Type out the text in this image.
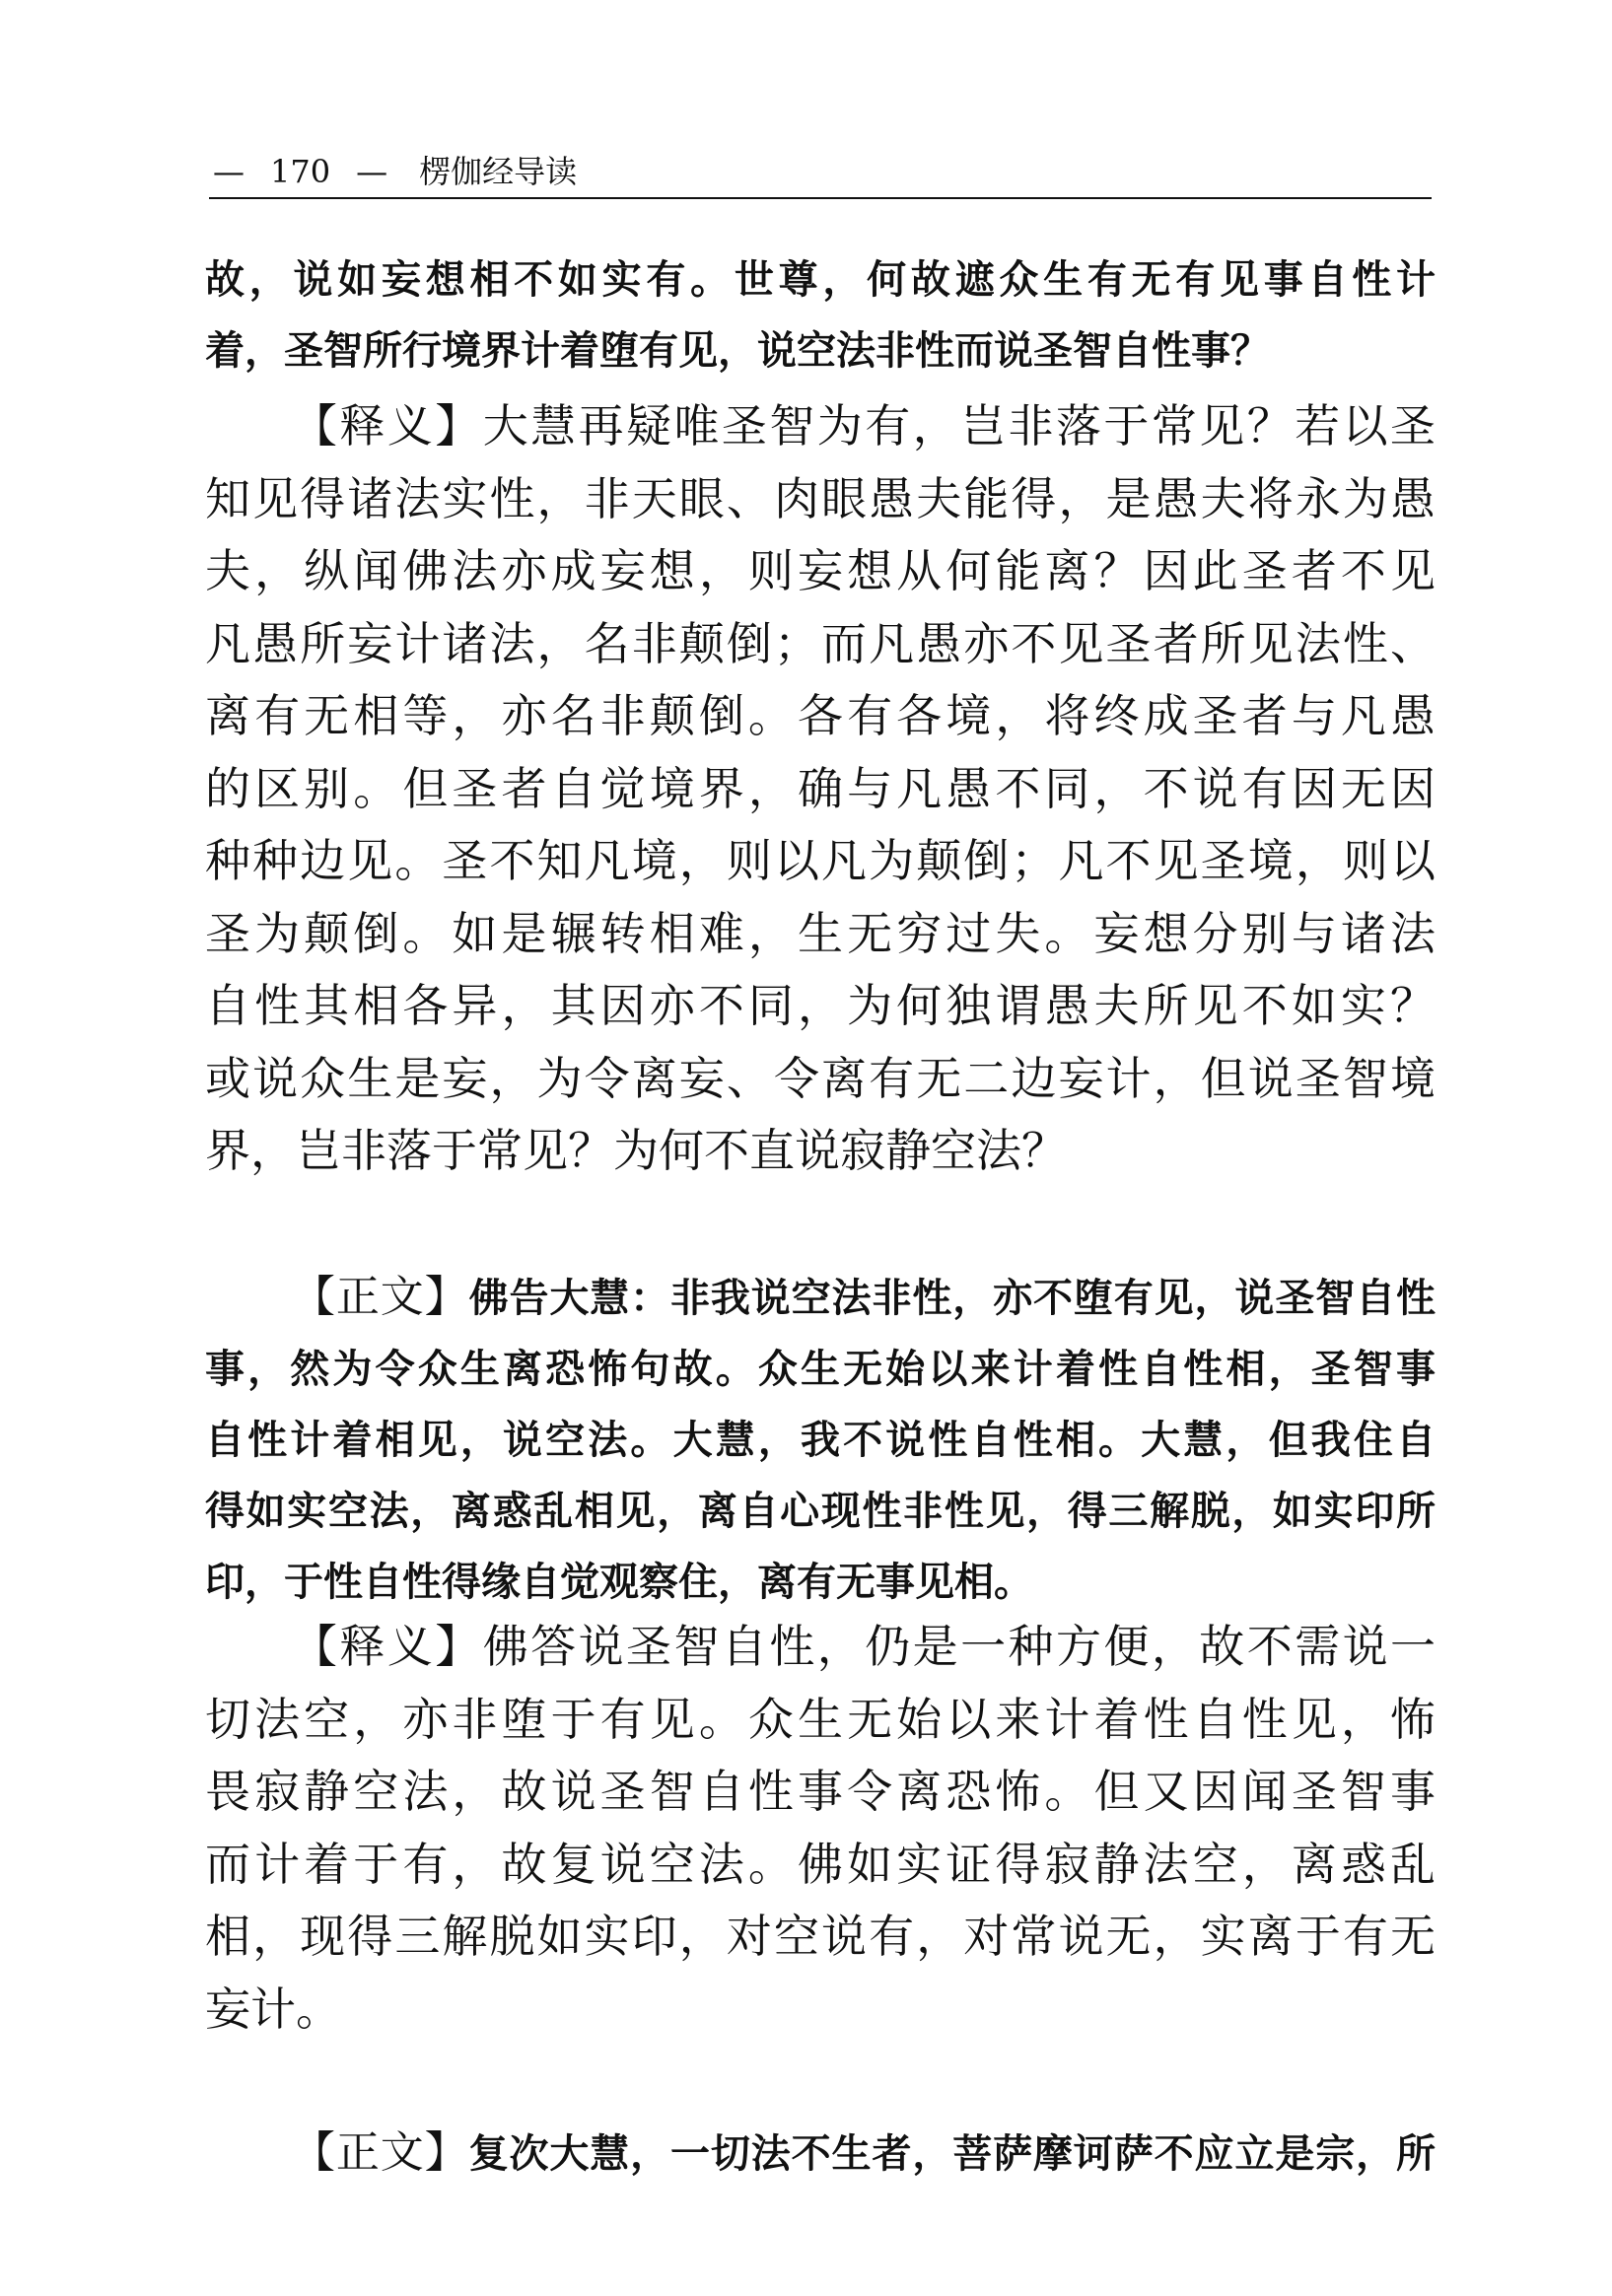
— 170 — 楞伽经导读
故，说如妄想相不如实有。世尊，何故遮众生有无有见事自性计
着，圣智所行境界计着堕有见，说空法非性而说圣智自性事？
【释义】大慧再疑唯圣智为有，岂非落于常见？若以圣
知见得诸法实性，非天眼、肉眼愚夫能得，是愚夫将永为愚
夫，纵闻佛法亦成妄想，则妄想从何能离？因此圣者不见
凡愚所妄计诸法，名非颠倒；而凡愚亦不见圣者所见法性、
离有无相等，亦名非颠倒。各有各境，将终成圣者与凡愚
的区别。但圣者自觉境界，确与凡愚不同，不说有因无因
种种边见。圣不知凡境，则以凡为颠倒；凡不见圣境，则以
圣为颠倒。如是辗转相难，生无穷过失。妄想分别与诸法
自性其相各异，其因亦不同，为何独谓愚夫所见不如实？
或说众生是妄，为令离妄、令离有无二边妄计，但说圣智境
界，岂非落于常见？为何不直说寂静空法？
【正文】佛告大慧：非我说空法非性，亦不堕有见，说圣智自性
事，然为令众生离恐怖句故。众生无始以来计着性自性相，圣智事
自性计着相见，说空法。大慧，我不说性自性相。大慧，但我住自
得如实空法，离惑乱相见，离自心现性非性见，得三解脱，如实印所
印，于性自性得缘自觉观察住，离有无事见相。
【释义】佛答说圣智自性，仍是一种方便，故不需说一
切法空，亦非堕于有见。众生无始以来计着性自性见，怖
畏寂静空法，故说圣智自性事令离恐怖。但又因闻圣智事
而计着于有，故复说空法。佛如实证得寂静法空，离惑乱
相，现得三解脱如实印，对空说有，对常说无，实离于有无
妄计。
【正文】复次大慧，一切法不生者，菩萨摩诃萨不应立是宗，所
